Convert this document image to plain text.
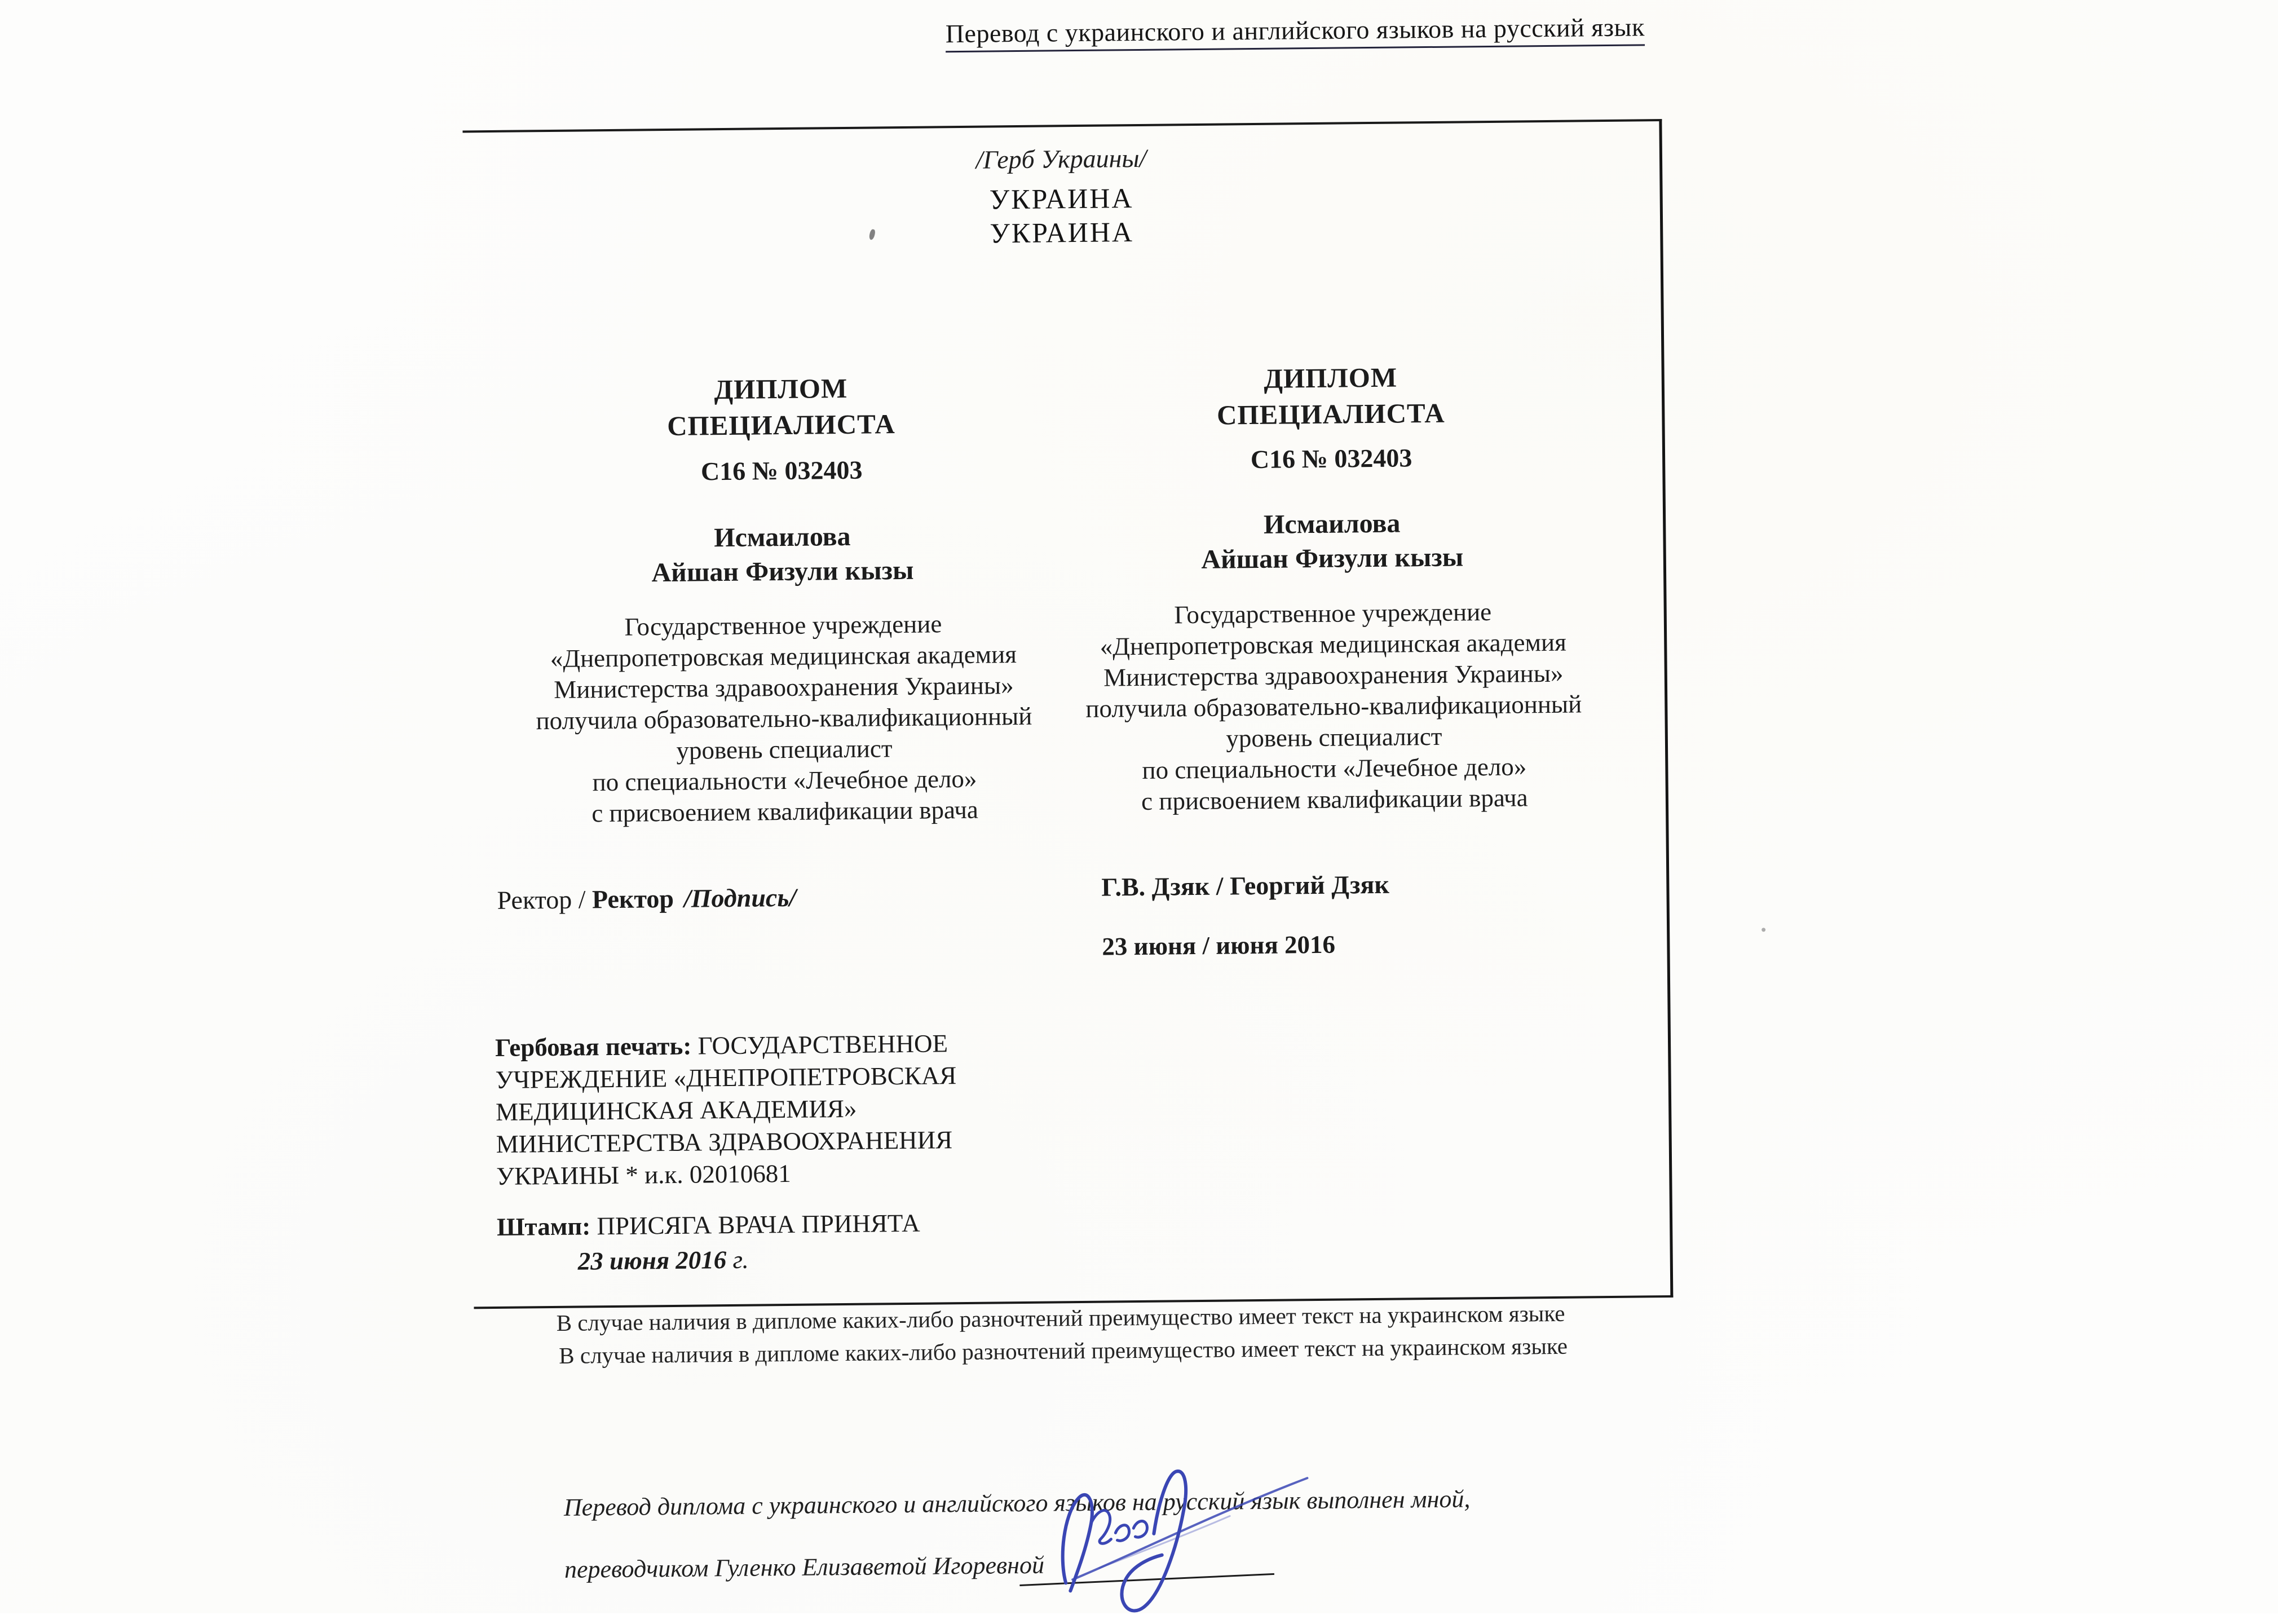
Перевод с украинского и английского языков на русский язык
/Герб Украины/
УКРАИНА
УКРАИНА
ДИПЛОМ
СПЕЦИАЛИСТА
С16 № 032403
Исмаилова
Айшан Физули кызы
Государственное учреждение
«Днепропетровская медицинская академия
Министерства здравоохранения Украины»
получила образовательно-квалификационный
уровень специалист
по специальности «Лечебное дело»
с присвоением квалификации врача
Ректор / Ректор /Подпись/
ДИПЛОМ
СПЕЦИАЛИСТА
С16 № 032403
Исмаилова
Айшан Физули кызы
Государственное учреждение
«Днепропетровская медицинская академия
Министерства здравоохранения Украины»
получила образовательно-квалификационный
уровень специалист
по специальности «Лечебное дело»
с присвоением квалификации врача
Г.В. Дзяк / Георгий Дзяк
23 июня / июня 2016
Гербовая печать: ГОСУДАРСТВЕННОЕ
УЧРЕЖДЕНИЕ «ДНЕПРОПЕТРОВСКАЯ
МЕДИЦИНСКАЯ АКАДЕМИЯ»
МИНИСТЕРСТВА ЗДРАВООХРАНЕНИЯ
УКРАИНЫ * и.к. 02010681
Штамп: ПРИСЯГА ВРАЧА ПРИНЯТА
23 июня 2016 г.
В случае наличия в дипломе каких-либо разночтений преимущество имеет текст на украинском языке
В случае наличия в дипломе каких-либо разночтений преимущество имеет текст на украинском языке
Перевод диплома с украинского и английского языков на русский язык выполнен мной,
переводчиком Гуленко Елизаветой Игоревной
